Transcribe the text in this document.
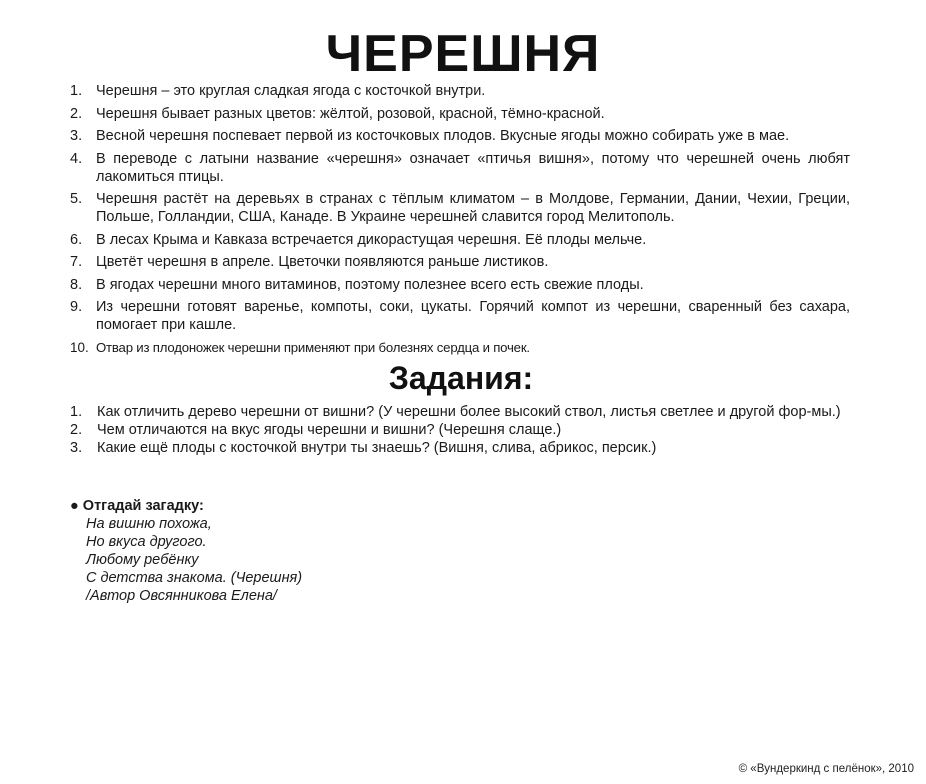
ЧЕРЕШНЯ
1. Черешня – это круглая сладкая ягода с косточкой внутри.
2. Черешня бывает разных цветов: жёлтой, розовой, красной, тёмно-красной.
3. Весной черешня поспевает первой из косточковых плодов. Вкусные ягоды можно собирать уже в мае.
4. В переводе с латыни название «черешня» означает «птичья вишня», потому что черешней очень любят лакомиться птицы.
5. Черешня растёт на деревьях в странах с тёплым климатом – в Молдове, Германии, Дании, Чехии, Греции, Польше, Голландии, США, Канаде. В Украине черешней славится город Мелитополь.
6. В лесах Крыма и Кавказа встречается дикорастущая черешня. Её плоды мельче.
7. Цветёт черешня в апреле. Цветочки появляются раньше листиков.
8. В ягодах черешни много витаминов, поэтому полезнее всего есть свежие плоды.
9. Из черешни готовят варенье, компоты, соки, цукаты. Горячий компот из черешни, сваренный без сахара, помогает при кашле.
10. Отвар из плодоножек черешни применяют при болезнях сердца и почек.
Задания:
1.	Как отличить дерево черешни от вишни? (У черешни более высокий ствол, листья светлее и другой фор-мы.)
2.	Чем отличаются на вкус ягоды черешни и вишни? (Черешня слаще.)
3.	Какие ещё плоды с косточкой внутри ты знаешь? (Вишня, слива, абрикос, персик.)
● Отгадай загадку:
На вишню похожа,
Но вкуса другого.
Любому ребёнку
С детства знакома. (Черешня)
/Автор Овсянникова Елена/
© «Вундеркинд с пелёнок», 2010
